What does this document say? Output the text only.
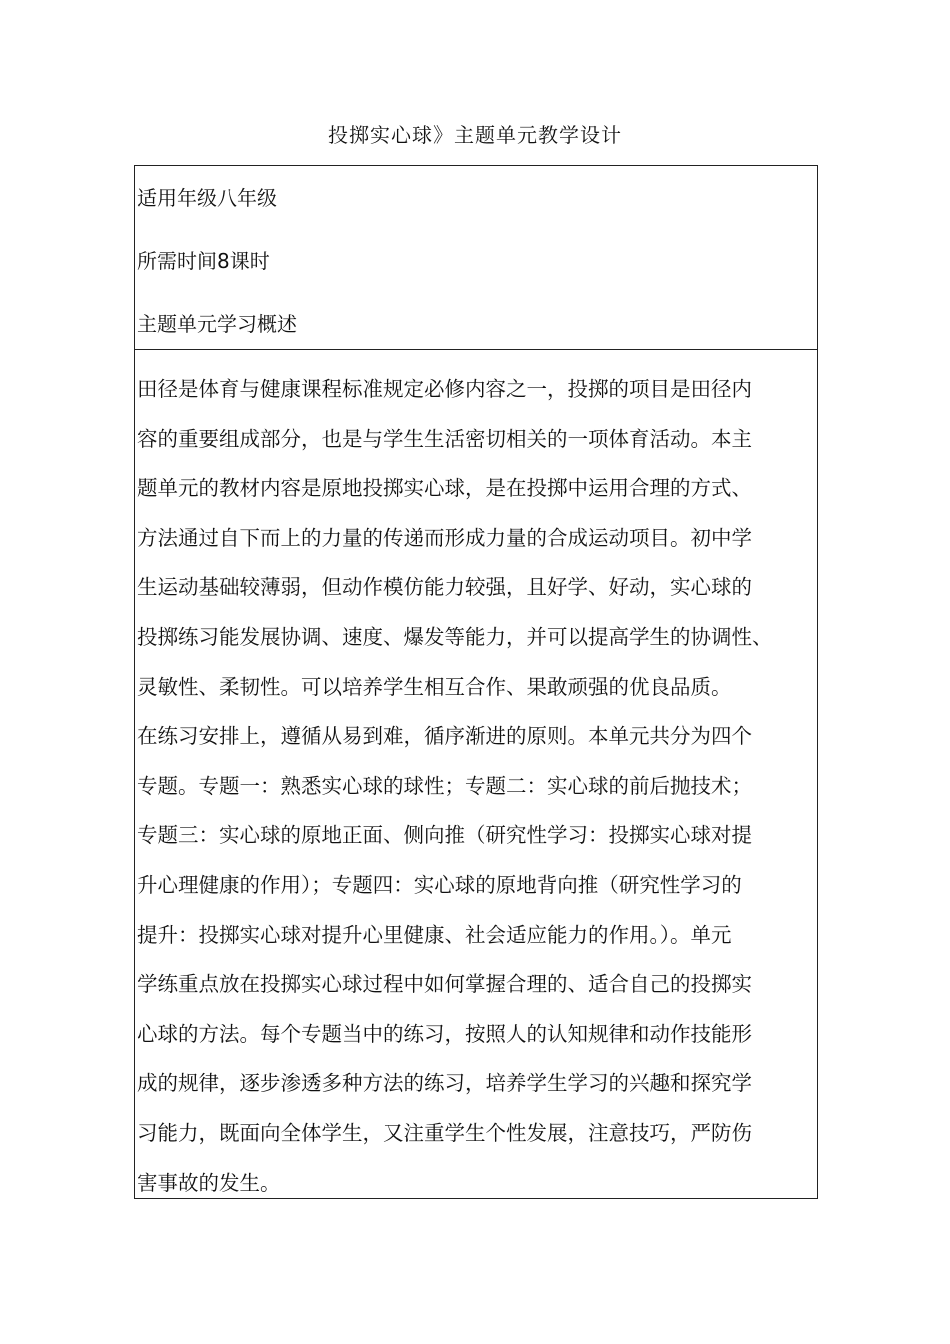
投掷实心球》主题单元教学设计
适用年级八年级
所需时间8课时
主题单元学习概述
田径是体育与健康课程标准规定必修内容之一，投掷的项目是田径内
容的重要组成部分，也是与学生生活密切相关的一项体育活动。本主
题单元的教材内容是原地投掷实心球，是在投掷中运用合理的方式、
方法通过自下而上的力量的传递而形成力量的合成运动项目。初中学
生运动基础较薄弱，但动作模仿能力较强，且好学、好动，实心球的
投掷练习能发展协调、速度、爆发等能力，并可以提高学生的协调性、
灵敏性、柔韧性。可以培养学生相互合作、果敢顽强的优良品质。
在练习安排上，遵循从易到难，循序渐进的原则。本单元共分为四个
专题。专题一：熟悉实心球的球性；专题二：实心球的前后抛技术；
专题三：实心球的原地正面、侧向推（研究性学习：投掷实心球对提
升心理健康的作用）；专题四：实心球的原地背向推（研究性学习的
提升：投掷实心球对提升心里健康、社会适应能力的作用。）。单元
学练重点放在投掷实心球过程中如何掌握合理的、适合自己的投掷实
心球的方法。每个专题当中的练习，按照人的认知规律和动作技能形
成的规律，逐步渗透多种方法的练习，培养学生学习的兴趣和探究学
习能力，既面向全体学生，又注重学生个性发展，注意技巧，严防伤
害事故的发生。
